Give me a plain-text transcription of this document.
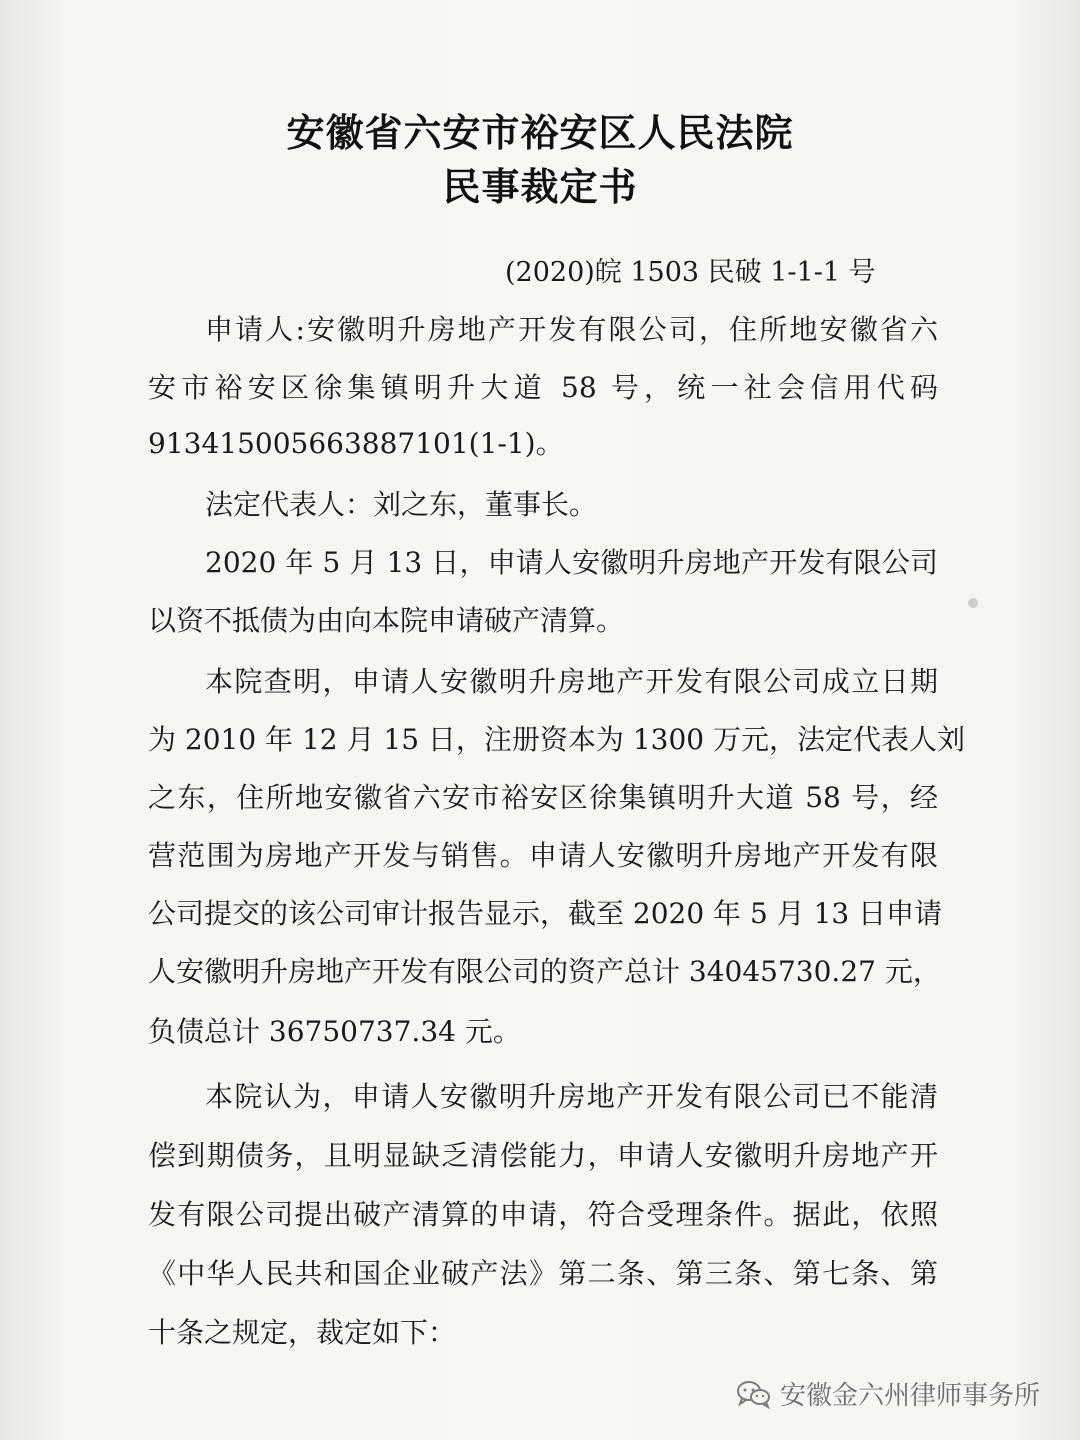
安徽省六安市裕安区人民法院
民事裁定书
(2020)皖 1503 民破 1-1-1 号
申请人:安徽明升房地产开发有限公司，住所地安徽省六
安市裕安区徐集镇明升大道 58 号，统一社会信用代码
913415005663887101(1-1)。
法定代表人：刘之东，董事长。
2020 年 5 月 13 日，申请人安徽明升房地产开发有限公司
以资不抵债为由向本院申请破产清算。
本院查明，申请人安徽明升房地产开发有限公司成立日期
为 2010 年 12 月 15 日，注册资本为 1300 万元，法定代表人刘
之东，住所地安徽省六安市裕安区徐集镇明升大道 58 号，经
营范围为房地产开发与销售。申请人安徽明升房地产开发有限
公司提交的该公司审计报告显示，截至 2020 年 5 月 13 日申请
人安徽明升房地产开发有限公司的资产总计 34045730.27 元，
负债总计 36750737.34 元。
本院认为，申请人安徽明升房地产开发有限公司已不能清
偿到期债务，且明显缺乏清偿能力，申请人安徽明升房地产开
发有限公司提出破产清算的申请，符合受理条件。据此，依照
《中华人民共和国企业破产法》第二条、第三条、第七条、第
十条之规定，裁定如下：
安徽金六州律师事务所
